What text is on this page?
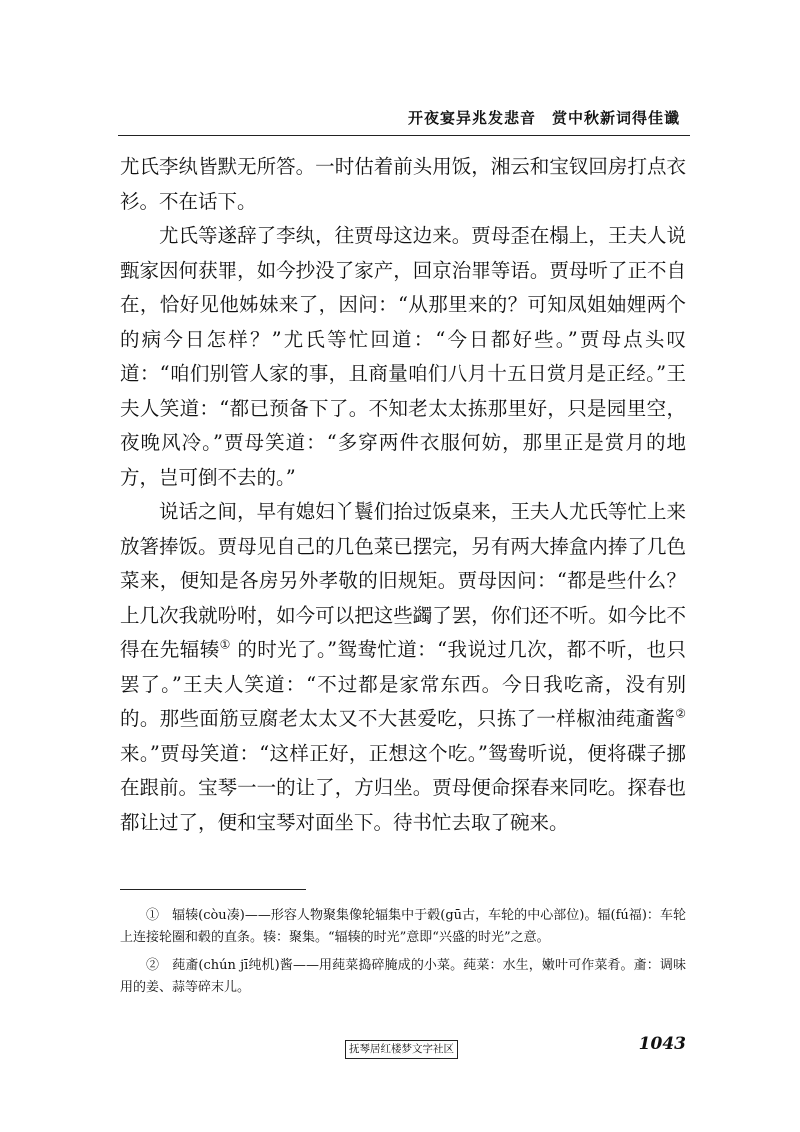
开夜宴异兆发悲音　赏中秋新词得佳谶

尤氏李纨皆默无所答。一时估着前头用饭，湘云和宝钗回房打点衣衫。不在话下。

尤氏等遂辞了李纨，往贾母这边来。贾母歪在榻上，王夫人说甄家因何获罪，如今抄没了家产，回京治罪等语。贾母听了正不自在，恰好见他姊妹来了，因问：“从那里来的？可知凤姐妯娌两个的病今日怎样？”尤氏等忙回道：“今日都好些。”贾母点头叹道：“咱们别管人家的事，且商量咱们八月十五日赏月是正经。”王夫人笑道：“都已预备下了。不知老太太拣那里好，只是园里空，夜晚风冷。”贾母笑道：“多穿两件衣服何妨，那里正是赏月的地方，岂可倒不去的。”

说话之间，早有媳妇丫鬟们抬过饭桌来，王夫人尤氏等忙上来放箸捧饭。贾母见自己的几色菜已摆完，另有两大捧盒内捧了几色菜来，便知是各房另外孝敬的旧规矩。贾母因问：“都是些什么？上几次我就吩咐，如今可以把这些蠲了罢，你们还不听。如今比不得在先辐辏① 的时光了。”鸳鸯忙道：“我说过几次，都不听，也只罢了。”王夫人笑道：“不过都是家常东西。今日我吃斋，没有别的。那些面筋豆腐老太太又不大甚爱吃，只拣了一样椒油莼齑酱② 来。”贾母笑道：“这样正好，正想这个吃。”鸳鸯听说，便将碟子挪在跟前。宝琴一一的让了，方归坐。贾母便命探春来同吃。探春也都让过了，便和宝琴对面坐下。待书忙去取了碗来。

①　辐辏(còu凑)——形容人物聚集像轮辐集中于毂(gū古，车轮的中心部位)。辐(fú福)：车轮上连接轮圈和毂的直条。辏：聚集。“辐辏的时光”意即“兴盛的时光”之意。

②　莼齑(chún jī纯机)酱——用莼菜捣碎腌成的小菜。莼菜：水生，嫩叶可作菜肴。齑：调味用的姜、蒜等碎末儿。

抚琴居红楼梦文字社区	1043
